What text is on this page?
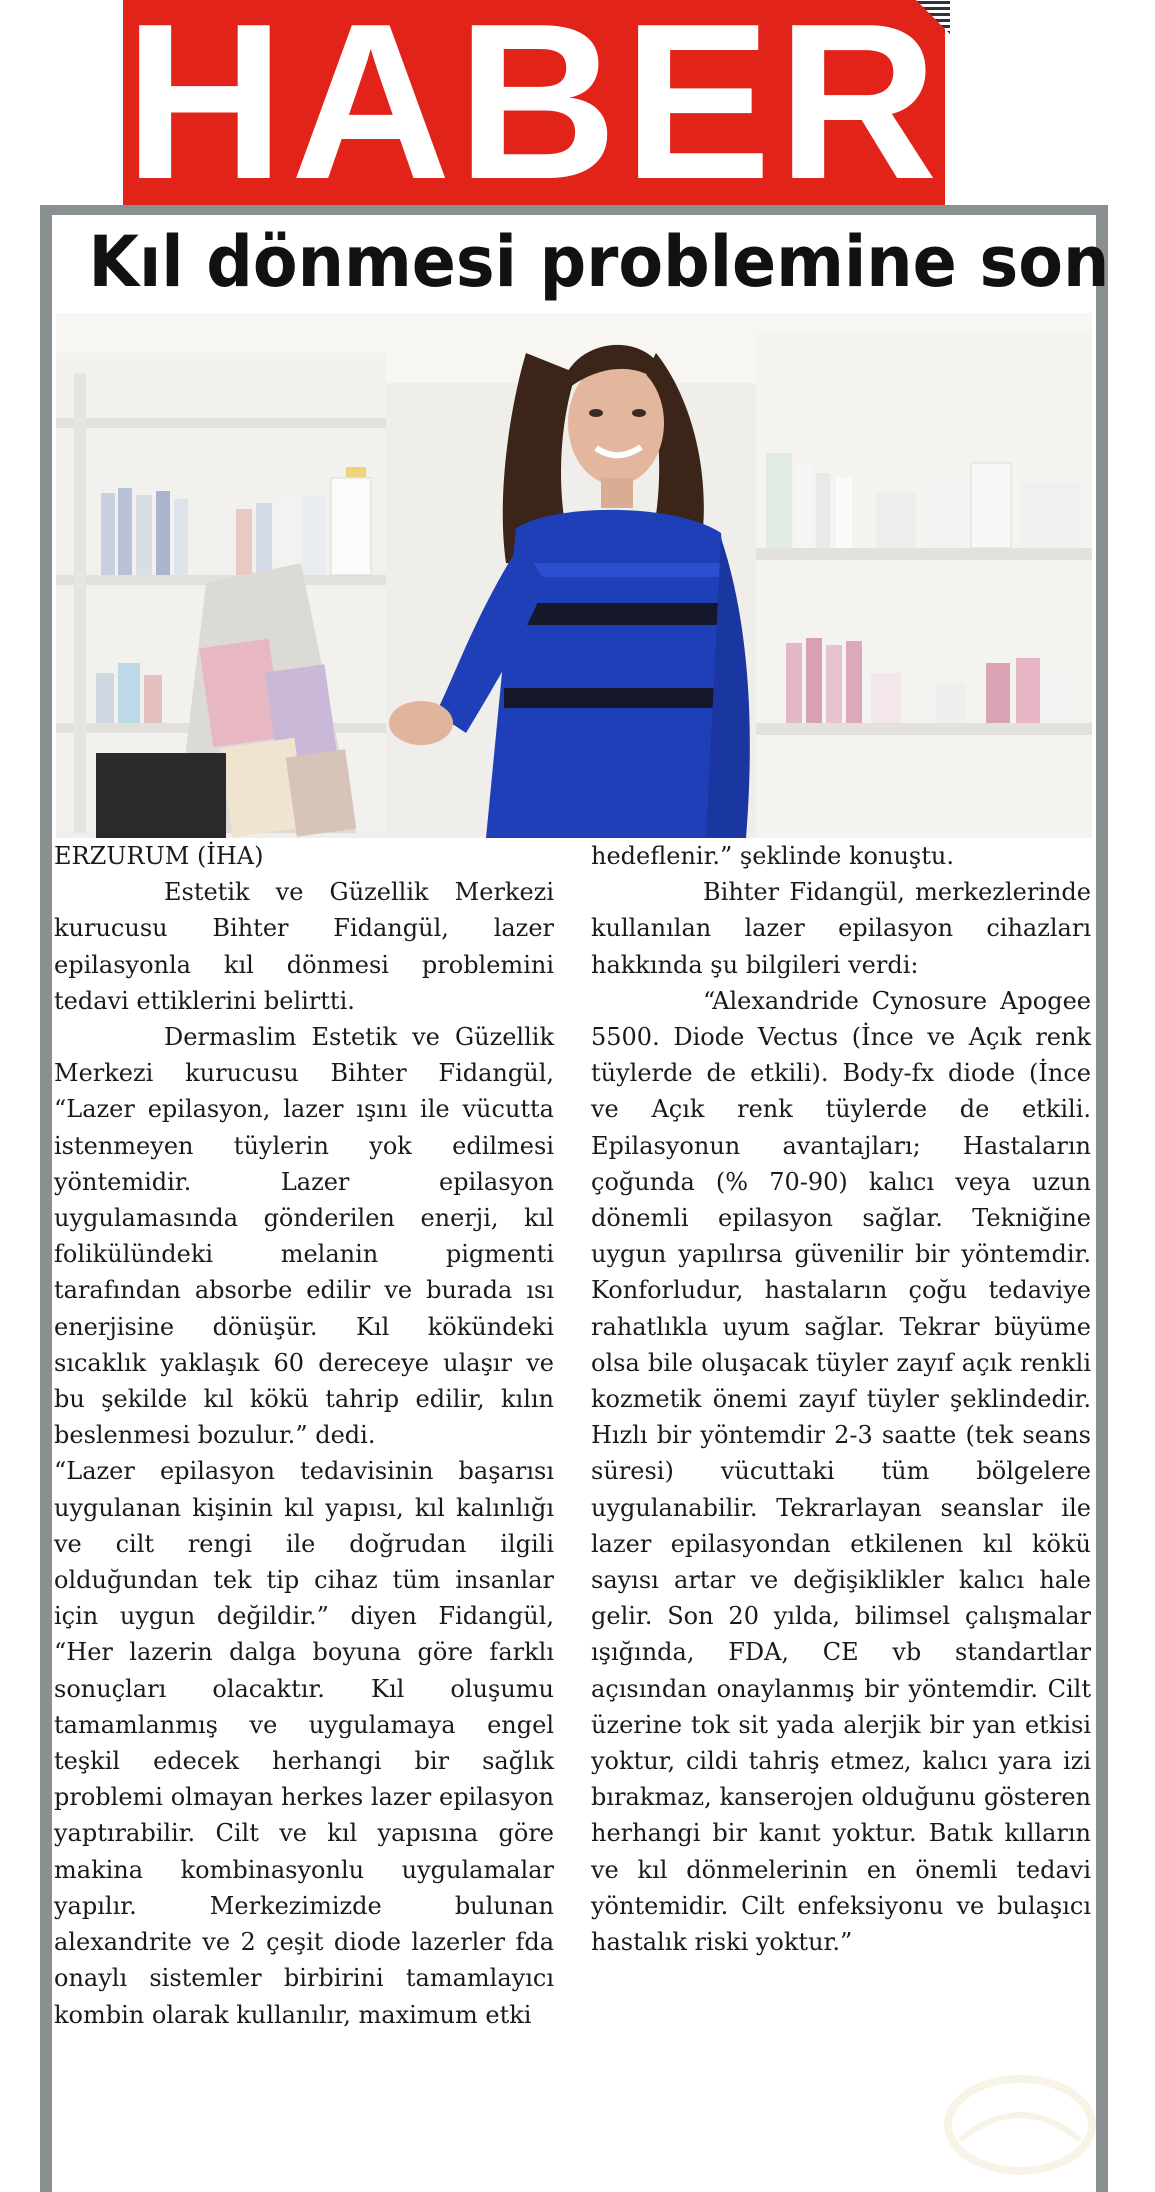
HABER
Kıl dönmesi problemine son

ERZURUM (İHA)

Estetik ve Güzellik Merkezi kurucusu Bihter Fidangül, lazer epilasyonla kıl dönmesi problemini tedavi ettiklerini belirtti.

Dermaslim Estetik ve Güzellik Merkezi kurucusu Bihter Fidangül, “Lazer epilasyon, lazer ışını ile vücutta istenmeyen tüylerin yok edilmesi yöntemidir. Lazer epilasyon uygulamasında gönderilen enerji, kıl folikülündeki melanin pigmenti tarafından absorbe edilir ve burada ısı enerjisine dönüşür. Kıl kökündeki sıcaklık yaklaşık 60 dereceye ulaşır ve bu şekilde kıl kökü tahrip edilir, kılın beslenmesi bozulur.” dedi.

“Lazer epilasyon tedavisinin başarısı uygulanan kişinin kıl yapısı, kıl kalınlığı ve cilt rengi ile doğrudan ilgili olduğundan tek tip cihaz tüm insanlar için uygun değildir.” diyen Fidangül, “Her lazerin dalga boyuna göre farklı sonuçları olacaktır. Kıl oluşumu tamamlanmış ve uygulamaya engel teşkil edecek herhangi bir sağlık problemi olmayan herkes lazer epilasyon yaptırabilir. Cilt ve kıl yapısına göre makina kombinasyonlu uygulamalar yapılır. Merkezimizde bulunan alexandrite ve 2 çeşit diode lazerler fda onaylı sistemler birbirini tamamlayıcı kombin olarak kullanılır, maximum etki

hedeflenir.” şeklinde konuştu.

Bihter Fidangül, merkezlerinde kullanılan lazer epilasyon cihazları hakkında şu bilgileri verdi:

“Alexandride Cynosure Apogee 5500. Diode Vectus (İnce ve Açık renk tüylerde de etkili). Body-fx diode (İnce ve Açık renk tüylerde de etkili. Epilasyonun avantajları; Hastaların çoğunda (% 70-90) kalıcı veya uzun dönemli epilasyon sağlar. Tekniğine uygun yapılırsa güvenilir bir yöntemdir. Konforludur, hastaların çoğu tedaviye rahatlıkla uyum sağlar. Tekrar büyüme olsa bile oluşacak tüyler zayıf açık renkli kozmetik önemi zayıf tüyler şeklindedir. Hızlı bir yöntemdir 2-3 saatte (tek seans süresi) vücuttaki tüm bölgelere uygulanabilir. Tekrarlayan seanslar ile lazer epilasyondan etkilenen kıl kökü sayısı artar ve değişiklikler kalıcı hale gelir. Son 20 yılda, bilimsel çalışmalar ışığında, FDA, CE vb standartlar açısından onaylanmış bir yöntemdir. Cilt üzerine tok sit yada alerjik bir yan etkisi yoktur, cildi tahriş etmez, kalıcı yara izi bırakmaz, kanserojen olduğunu gösteren herhangi bir kanıt yoktur. Batık kılların ve kıl dönmelerinin en önemli tedavi yöntemidir. Cilt enfeksiyonu ve bulaşıcı hastalık riski yoktur.”
